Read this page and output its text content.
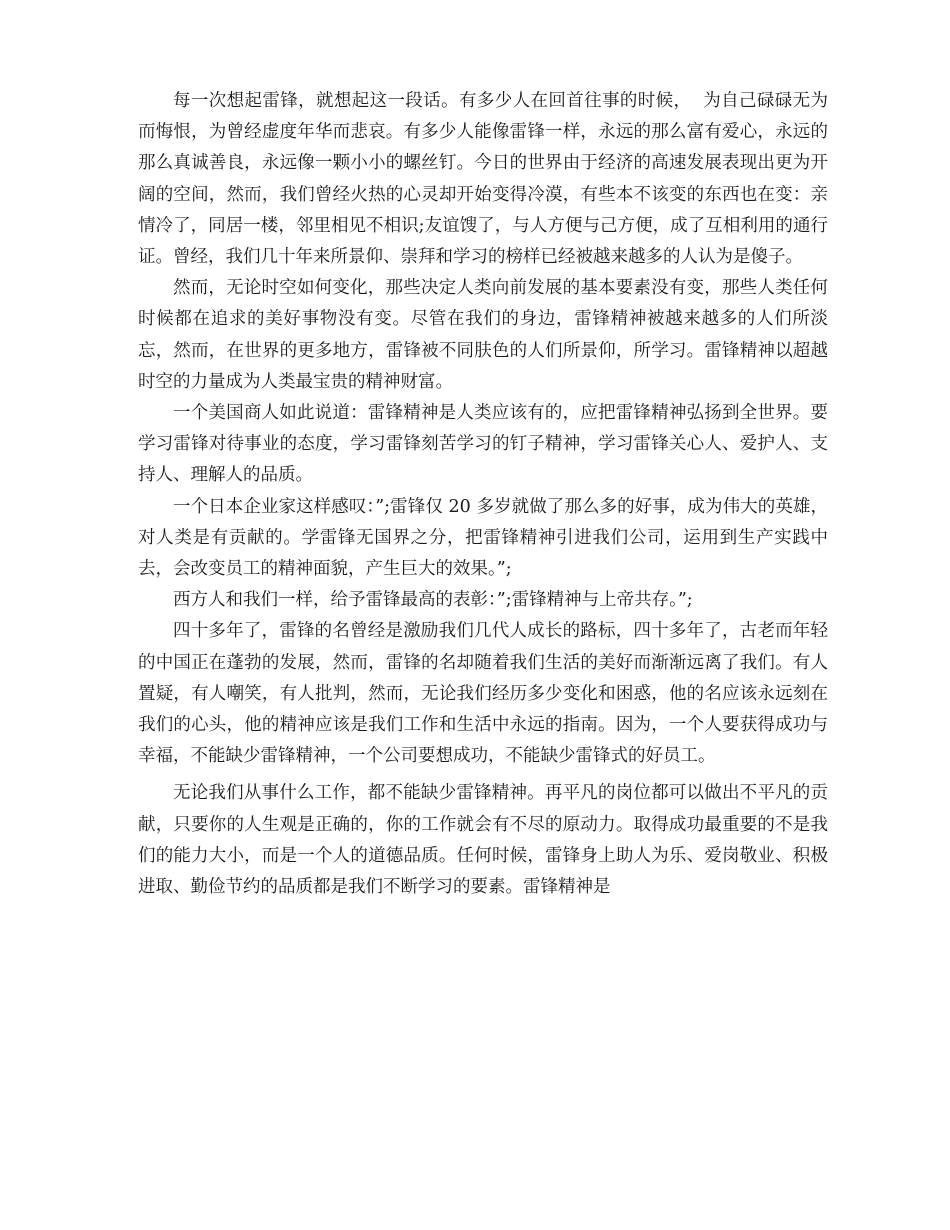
每一次想起雷锋，就想起这一段话。有多少人在回首往事的时候，  为自己碌碌无为而悔恨，为曾经虚度年华而悲哀。有多少人能像雷锋一样，永远的那么富有爱心，永远的那么真诚善良，永远像一颗小小的螺丝钉。今日的世界由于经济的高速发展表现出更为开阔的空间，然而，我们曾经火热的心灵却开始变得冷漠，有些本不该变的东西也在变：亲情冷了，同居一楼，邻里相见不相识;友谊馊了，与人方便与己方便，成了互相利用的通行证。曾经，我们几十年来所景仰、崇拜和学习的榜样已经被越来越多的人认为是傻子。

然而，无论时空如何变化，那些决定人类向前发展的基本要素没有变，那些人类任何时候都在追求的美好事物没有变。尽管在我们的身边，雷锋精神被越来越多的人们所淡忘，然而，在世界的更多地方，雷锋被不同肤色的人们所景仰，所学习。雷锋精神以超越时空的力量成为人类最宝贵的精神财富。

一个美国商人如此说道：雷锋精神是人类应该有的，应把雷锋精神弘扬到全世界。要学习雷锋对待事业的态度，学习雷锋刻苦学习的钉子精神，学习雷锋关心人、爱护人、支持人、理解人的品质。

一个日本企业家这样感叹：”;雷锋仅 20 多岁就做了那么多的好事，成为伟大的英雄，对人类是有贡献的。学雷锋无国界之分，把雷锋精神引进我们公司，运用到生产实践中去，会改变员工的精神面貌，产生巨大的效果。”;

西方人和我们一样，给予雷锋最高的表彰：”;雷锋精神与上帝共存。”;

四十多年了，雷锋的名曾经是激励我们几代人成长的路标，四十多年了，古老而年轻的中国正在蓬勃的发展，然而，雷锋的名却随着我们生活的美好而渐渐远离了我们。有人置疑，有人嘲笑，有人批判，然而，无论我们经历多少变化和困惑，他的名应该永远刻在我们的心头，他的精神应该是我们工作和生活中永远的指南。因为，一个人要获得成功与幸福，不能缺少雷锋精神，一个公司要想成功，不能缺少雷锋式的好员工。

无论我们从事什么工作，都不能缺少雷锋精神。再平凡的岗位都可以做出不平凡的贡献，只要你的人生观是正确的，你的工作就会有不尽的原动力。取得成功最重要的不是我们的能力大小，而是一个人的道德品质。任何时候，雷锋身上助人为乐、爱岗敬业、积极进取、勤俭节约的品质都是我们不断学习的要素。雷锋精神是
